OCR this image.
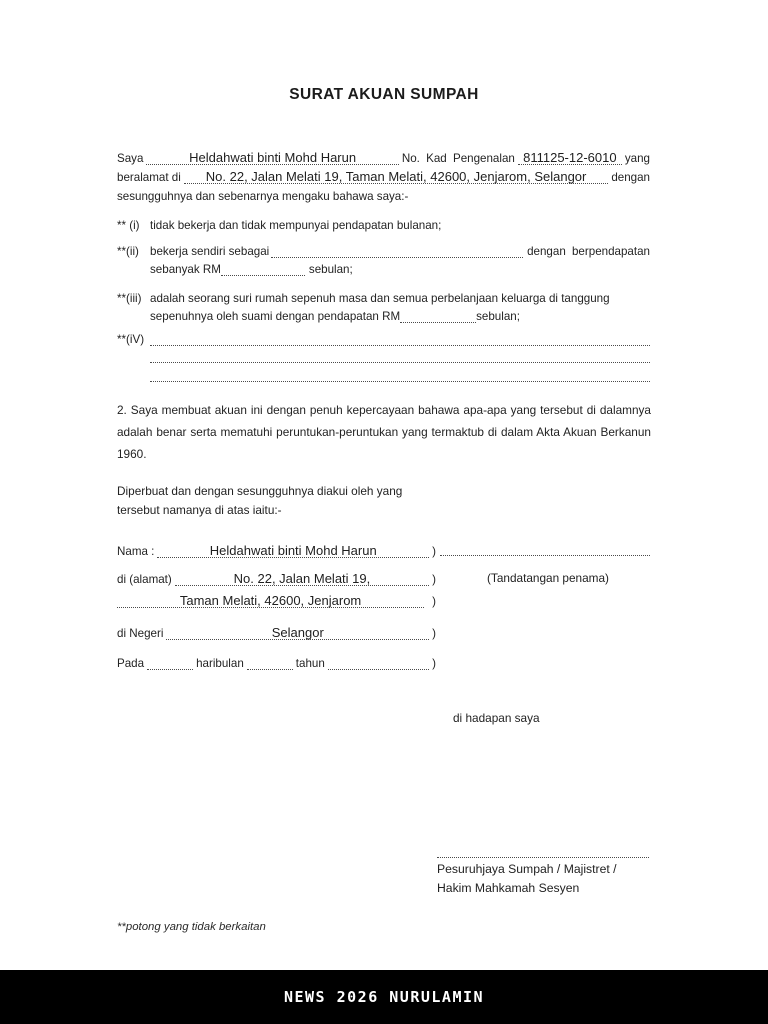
SURAT AKUAN SUMPAH
Saya	Heldahwati binti Mohd Harun	No. Kad Pengenalan 811125-12-6010 yang
beralamat di	No. 22, Jalan Melati 19, Taman Melati, 42600, Jenjarom, Selangor	dengan
sesungguhnya dan sebenarnya mengaku bahawa saya:-
** (i) tidak bekerja dan tidak mempunyai pendapatan bulanan;
**(ii) bekerja sendiri sebagai	dengan berpendapatan
sebanyak RM	sebulan;
**(iii) adalah seorang suri rumah sepenuh masa dan semua perbelanjaan keluarga di tanggung
sepenuhnya oleh suami dengan pendapatan RM	sebulan;
**(iV)
2. Saya membuat akuan ini dengan penuh kepercayaan bahawa apa-apa yang tersebut di dalamnya adalah benar serta mematuhi peruntukan-peruntukan yang termaktub di dalam Akta Akuan Berkanun 1960.
Diperbuat dan dengan sesungguhnya diakui oleh yang
tersebut namanya di atas iaitu:-
Nama :	Heldahwati binti Mohd Harun	)
di (alamat)	No. 22, Jalan Melati 19,	)	(Tandatangan penama)
Taman Melati, 42600, Jenjarom	)
di Negeri	Selangor	)
Pada	haribulan	tahun	)
di hadapan saya
Pesuruhjaya Sumpah / Majistret /
Hakim Mahkamah Sesyen
**potong yang tidak berkaitan
NEWS 2026 NURULAMIN
